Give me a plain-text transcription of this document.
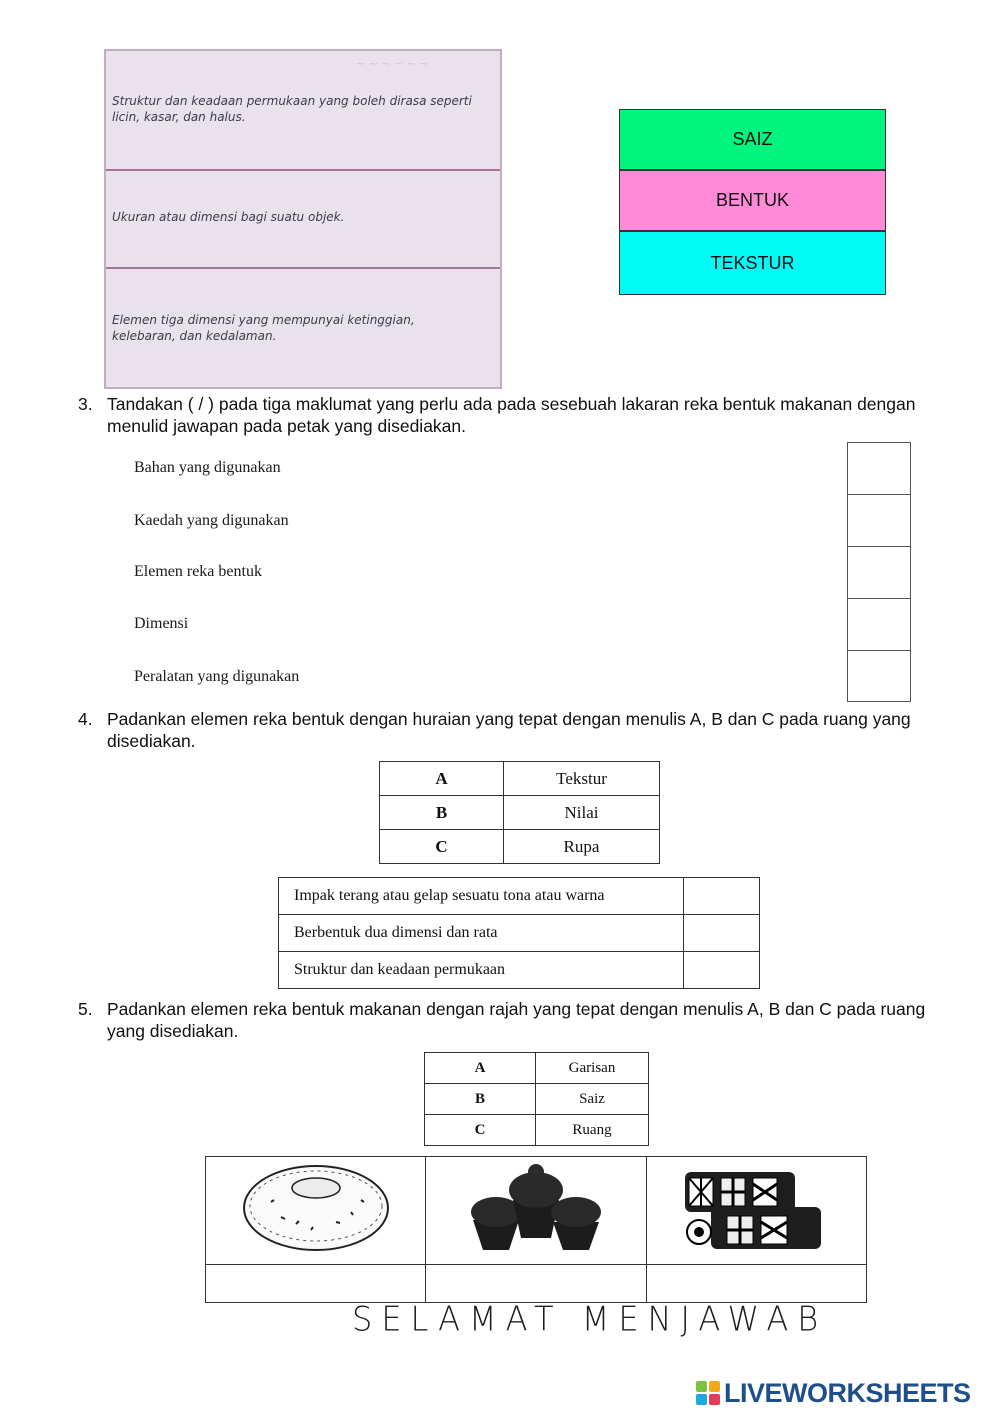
~ ~ ~ ~ ~ ~

Struktur dan keadaan permukaan yang boleh dirasa seperti licin, kasar, dan halus.

Ukuran atau dimensi bagi suatu objek.

Elemen tiga dimensi yang mempunyai ketinggian, kelebaran, dan kedalaman.

SAIZ
BENTUK
TEKSTUR
3. Tandakan ( / ) pada tiga maklumat yang perlu ada pada sesebuah lakaran reka bentuk makanan dengan menulid jawapan pada petak yang disediakan.
Bahan yang digunakan
Kaedah yang digunakan
Elemen reka bentuk
Dimensi
Peralatan yang digunakan
4. Padankan elemen reka bentuk dengan huraian yang tepat dengan menulis A, B dan C pada ruang yang disediakan.
A	Tekstur
B	Nilai
C	Rupa
Impak terang atau gelap sesuatu tona atau warna	
Berbentuk dua dimensi dan rata	
Struktur dan keadaan permukaan	
5. Padankan elemen reka bentuk makanan dengan rajah yang tepat dengan menulis A, B dan C pada ruang yang disediakan.
A	Garisan
B	Saiz
C	Ruang

SELAMAT MENJAWAB
LIVEWORKSHEETS
